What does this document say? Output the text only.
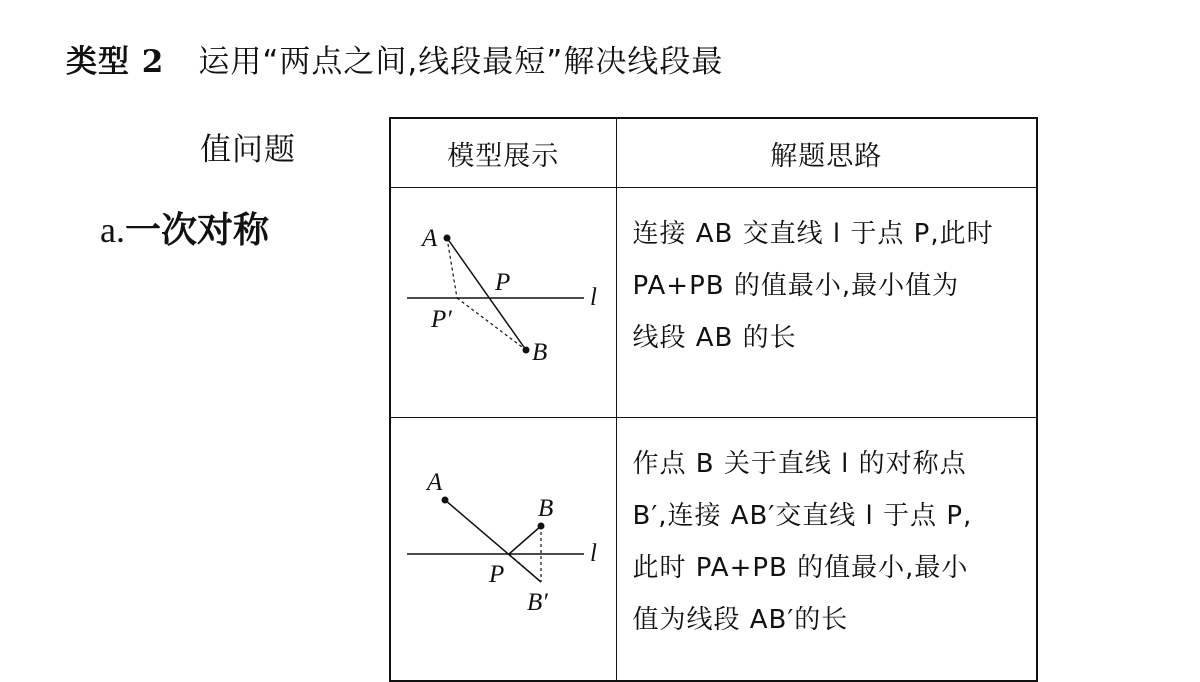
类型 2 运用“两点之间,线段最短”解决线段最
值问题
a.一次对称
模型展示	解题思路

A
B
P
P′
l	连接 AB 交直线 l 于点 P,此时
PA+PB 的值最小,最小值为
线段 AB 的长

A
B
P
B′
l	作点 B 关于直线 l 的对称点
B′,连接 AB′交直线 l 于点 P,
此时 PA+PB 的值最小,最小
值为线段 AB′的长
